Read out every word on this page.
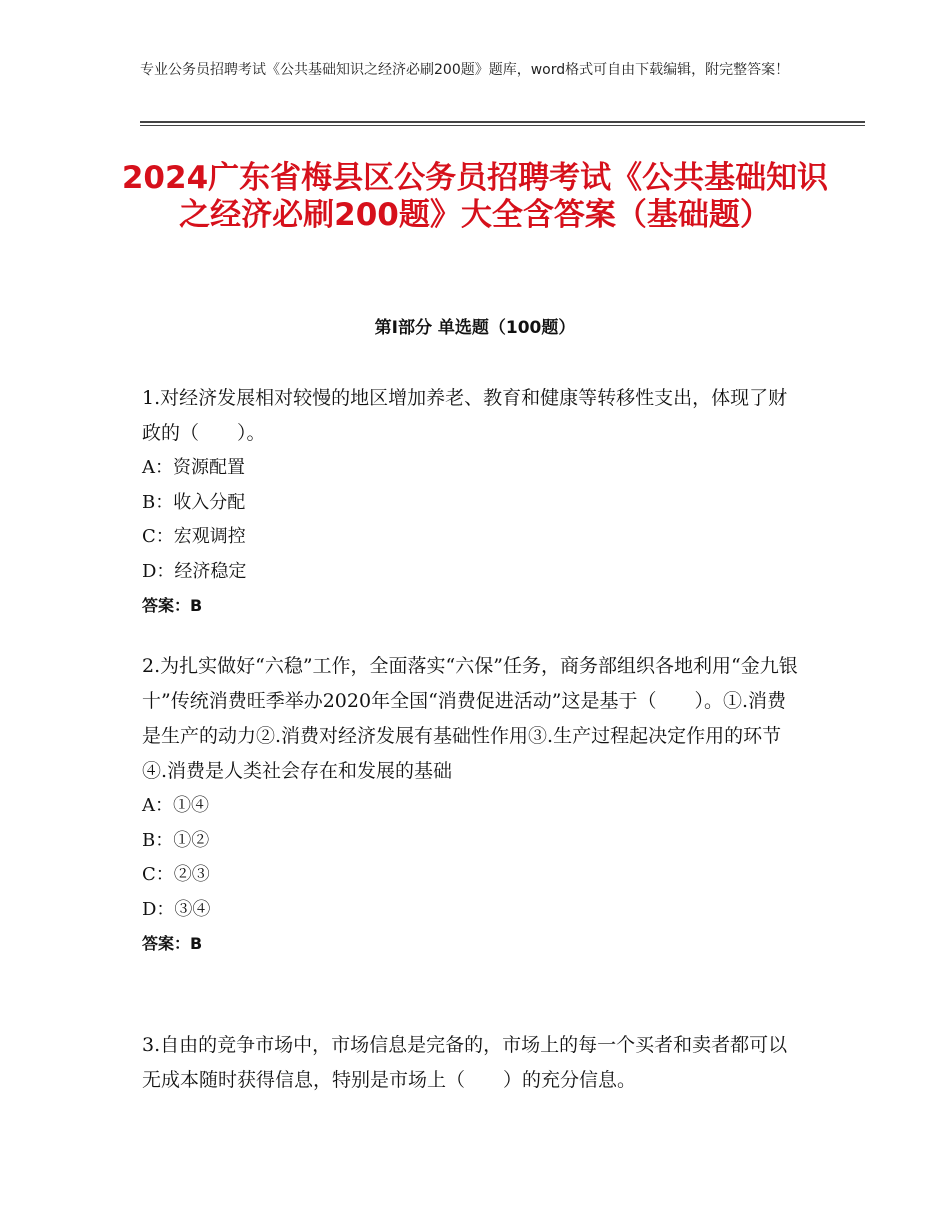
专业公务员招聘考试《公共基础知识之经济必刷200题》题库，word格式可自由下载编辑，附完整答案！
2024广东省梅县区公务员招聘考试《公共基础知识之经济必刷200题》大全含答案（基础题）
第I部分 单选题（100题）
1.对经济发展相对较慢的地区增加养老、教育和健康等转移性支出，体现了财政的（　　）。
A：资源配置
B：收入分配
C：宏观调控
D：经济稳定
答案：B
2.为扎实做好“六稳”工作，全面落实“六保”任务，商务部组织各地利用“金九银十”传统消费旺季举办2020年全国“消费促进活动”这是基于（　　）。①.消费是生产的动力②.消费对经济发展有基础性作用③.生产过程起决定作用的环节④.消费是人类社会存在和发展的基础
A：①④
B：①②
C：②③
D：③④
答案：B
3.自由的竞争市场中，市场信息是完备的，市场上的每一个买者和卖者都可以无成本随时获得信息，特别是市场上（　　）的充分信息。
